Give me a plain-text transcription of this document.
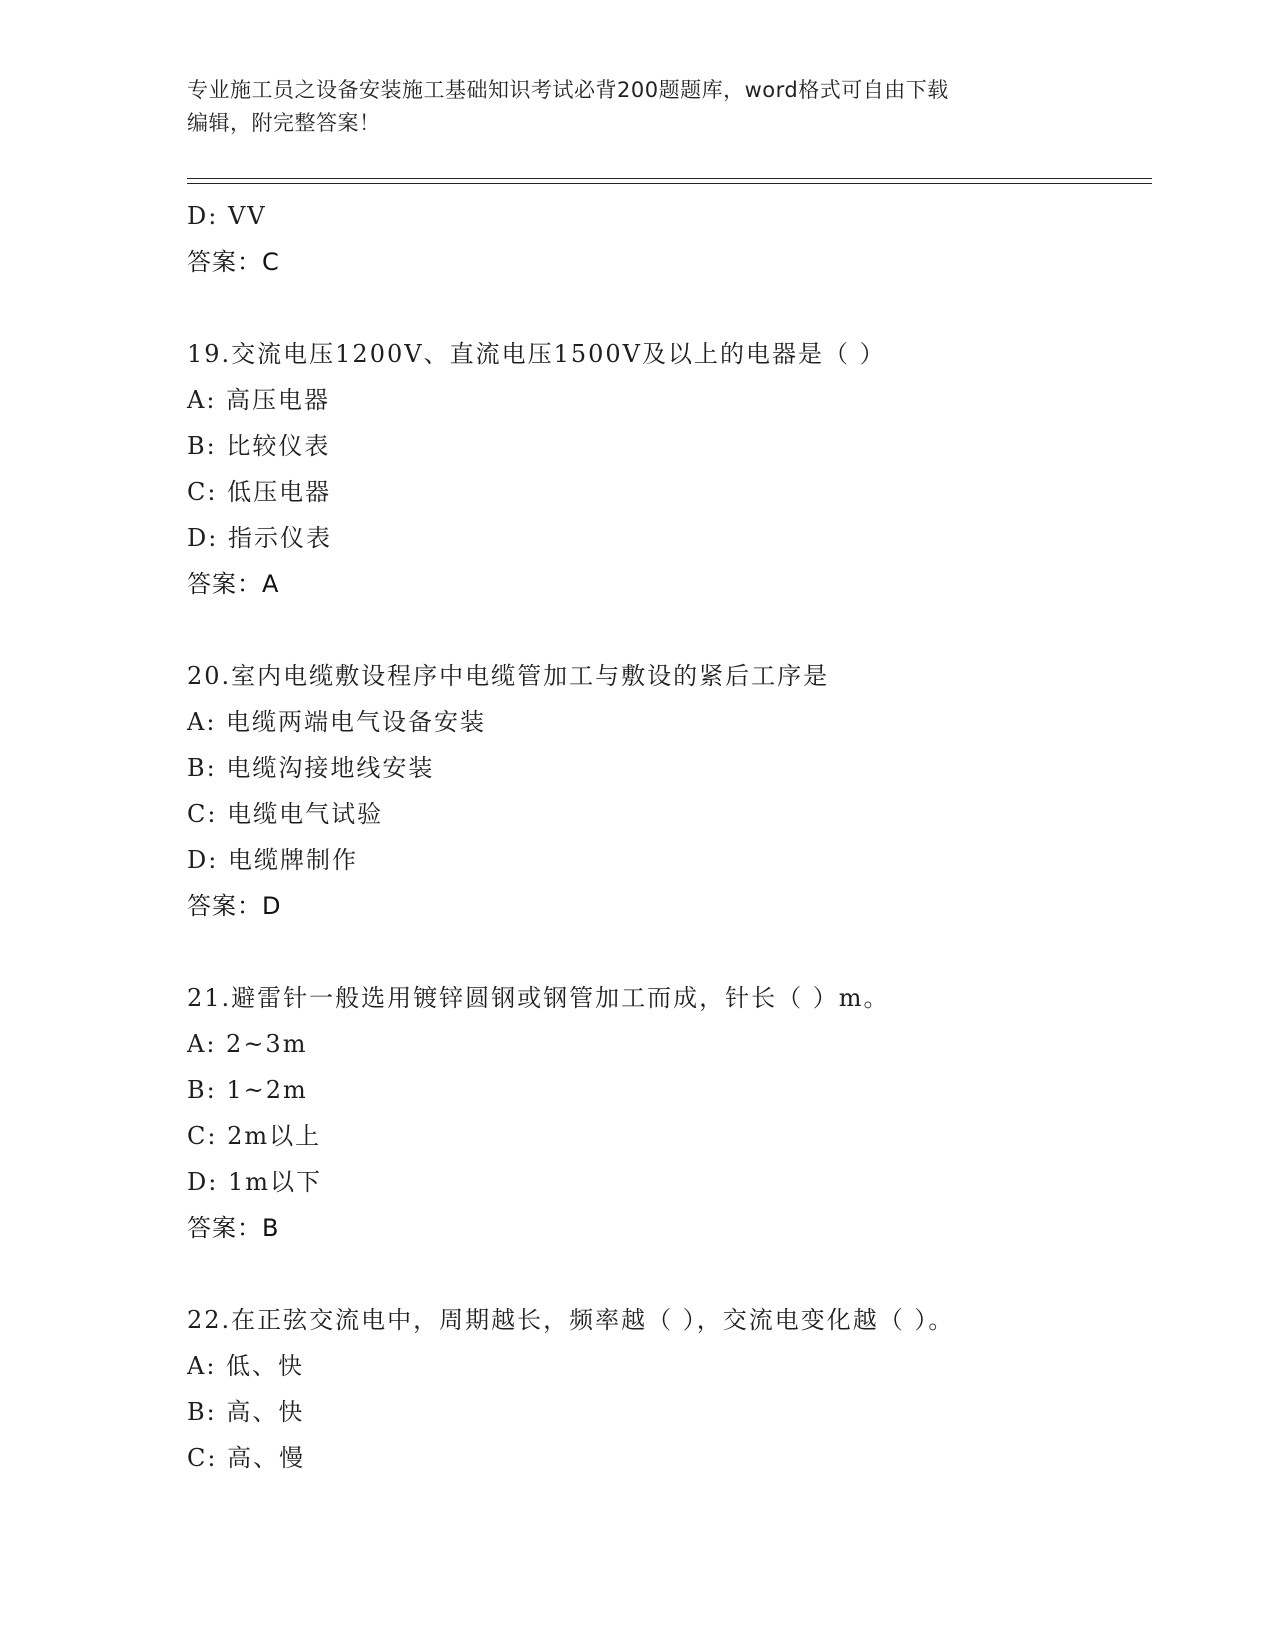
专业施工员之设备安装施工基础知识考试必背200题题库，word格式可自由下载
编辑，附完整答案！
D: VV
答案：C
19.交流电压1200V、直流电压1500V及以上的电器是（ ）
A: 高压电器
B: 比较仪表
C: 低压电器
D: 指示仪表
答案：A
20.室内电缆敷设程序中电缆管加工与敷设的紧后工序是
A: 电缆两端电气设备安装
B: 电缆沟接地线安装
C: 电缆电气试验
D: 电缆牌制作
答案：D
21.避雷针一般选用镀锌圆钢或钢管加工而成，针长（ ）m。
A: 2~3m
B: 1~2m
C: 2m以上
D: 1m以下
答案：B
22.在正弦交流电中，周期越长，频率越（ ），交流电变化越（ ）。
A: 低、快
B: 高、快
C: 高、慢
